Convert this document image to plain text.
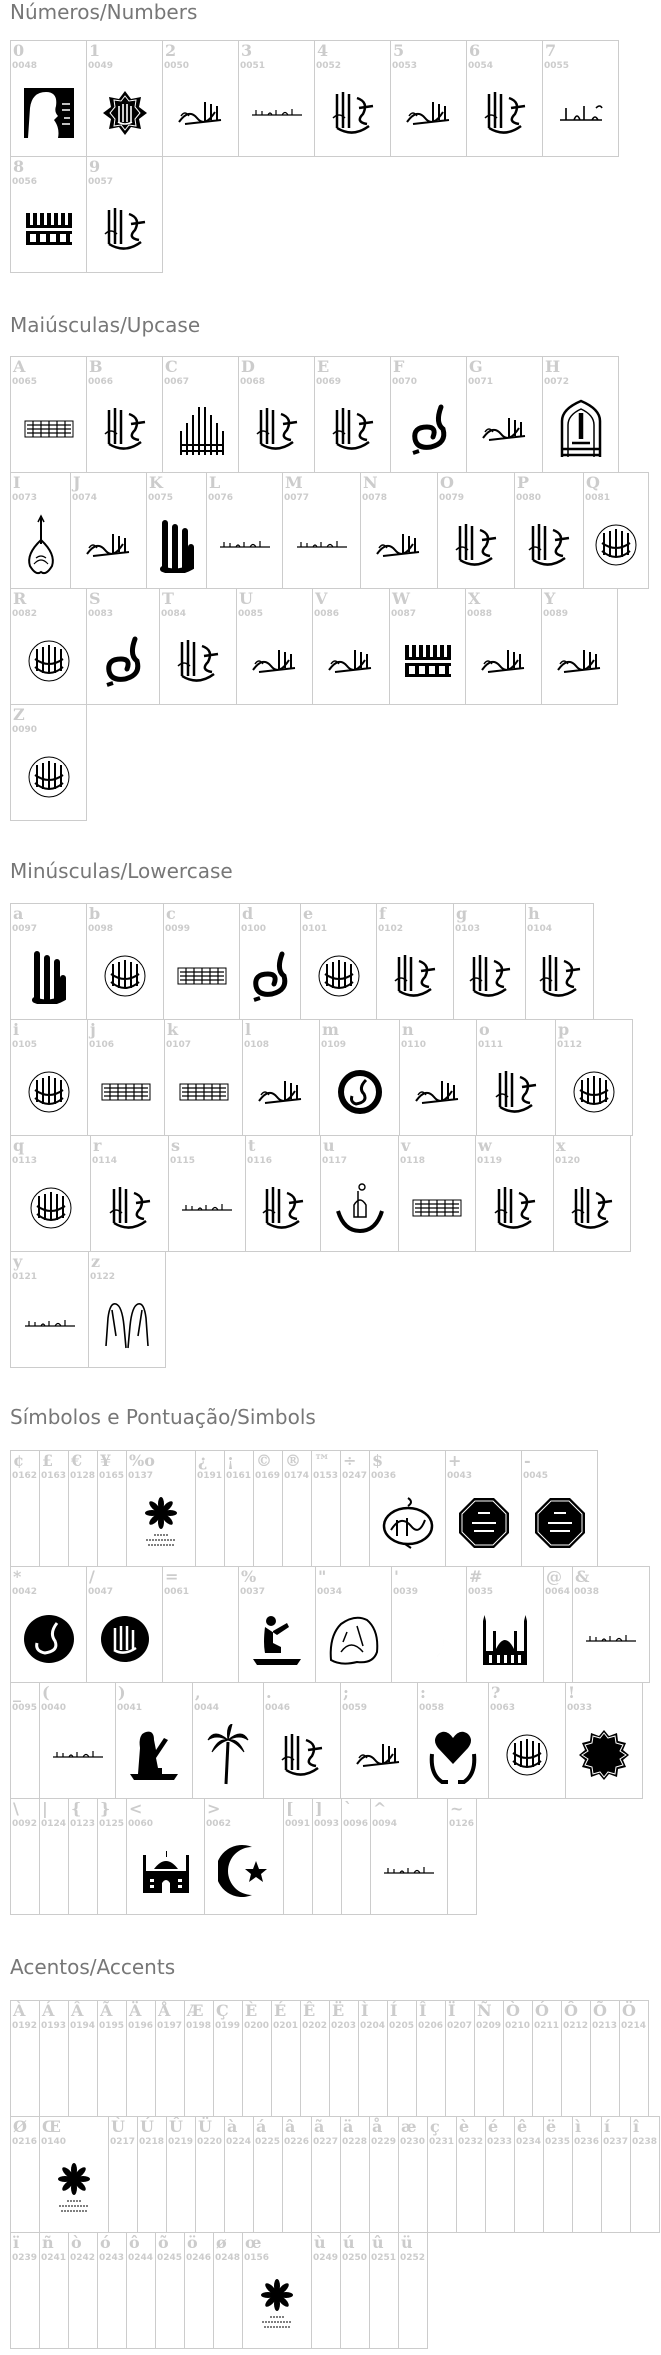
Números/Numbers
0
0048
1
0049
2
0050
3
0051
4
0052
5
0053
6
0054
7
0055
8
0056
9
0057
Maiúsculas/Upcase
A
0065
B
0066
C
0067
D
0068
E
0069
F
0070
G
0071
H
0072
I
0073
J
0074
K
0075
L
0076
M
0077
N
0078
O
0079
P
0080
Q
0081
R
0082
S
0083
T
0084
U
0085
V
0086
W
0087
X
0088
Y
0089
Z
0090
Minúsculas/Lowercase
a
0097
b
0098
c
0099
d
0100
e
0101
f
0102
g
0103
h
0104
i
0105
j
0106
k
0107
l
0108
m
0109
n
0110
o
0111
p
0112
q
0113
r
0114
s
0115
t
0116
u
0117
v
0118
w
0119
x
0120
y
0121
z
0122
Símbolos e Pontuação/Simbols
¢
0162
£
0163
€
0128
¥
0165
%o
0137
¿
0191
¡
0161
©
0169
®
0174
™
0153
÷
0247
$
0036
+
0043
-
0045
*
0042
/
0047
=
0061
%
0037
"
0034
'
0039
#
0035
@
0064
&
0038
_
0095
(
0040
)
0041
,
0044
.
0046
;
0059
:
0058
?
0063
!
0033
\
0092
|
0124
{
0123
}
0125
<
0060
>
0062
[
0091
]
0093
`
0096
^
0094
~
0126
Acentos/Accents
À
0192
Á
0193
Â
0194
Ã
0195
Ä
0196
Å
0197
Æ
0198
Ç
0199
È
0200
É
0201
Ê
0202
Ë
0203
Ì
0204
Í
0205
Î
0206
Ï
0207
Ñ
0209
Ò
0210
Ó
0211
Ô
0212
Õ
0213
Ö
0214
Ø
0216
Œ
0140
Ù
0217
Ú
0218
Û
0219
Ü
0220
à
0224
á
0225
â
0226
ã
0227
ä
0228
å
0229
æ
0230
ç
0231
è
0232
é
0233
ê
0234
ë
0235
ì
0236
í
0237
î
0238
ï
0239
ñ
0241
ò
0242
ó
0243
ô
0244
õ
0245
ö
0246
ø
0248
œ
0156
ù
0249
ú
0250
û
0251
ü
0252
